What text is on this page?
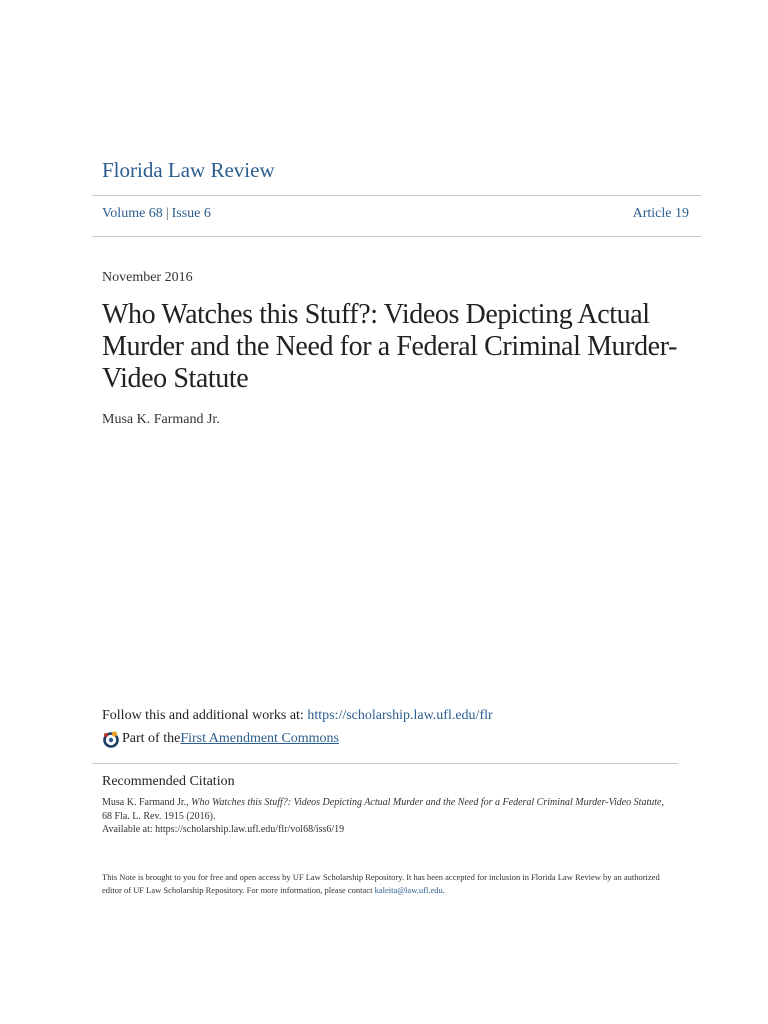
Florida Law Review
Volume 68 | Issue 6	Article 19
November 2016
Who Watches this Stuff?: Videos Depicting Actual Murder and the Need for a Federal Criminal Murder-Video Statute
Musa K. Farmand Jr.
Follow this and additional works at: https://scholarship.law.ufl.edu/flr
Part of the First Amendment Commons
Recommended Citation
Musa K. Farmand Jr., Who Watches this Stuff?: Videos Depicting Actual Murder and the Need for a Federal Criminal Murder-Video Statute,
68 Fla. L. Rev. 1915 (2016).
Available at: https://scholarship.law.ufl.edu/flr/vol68/iss6/19
This Note is brought to you for free and open access by UF Law Scholarship Repository. It has been accepted for inclusion in Florida Law Review by an authorized editor of UF Law Scholarship Repository. For more information, please contact kaleita@law.ufl.edu.
